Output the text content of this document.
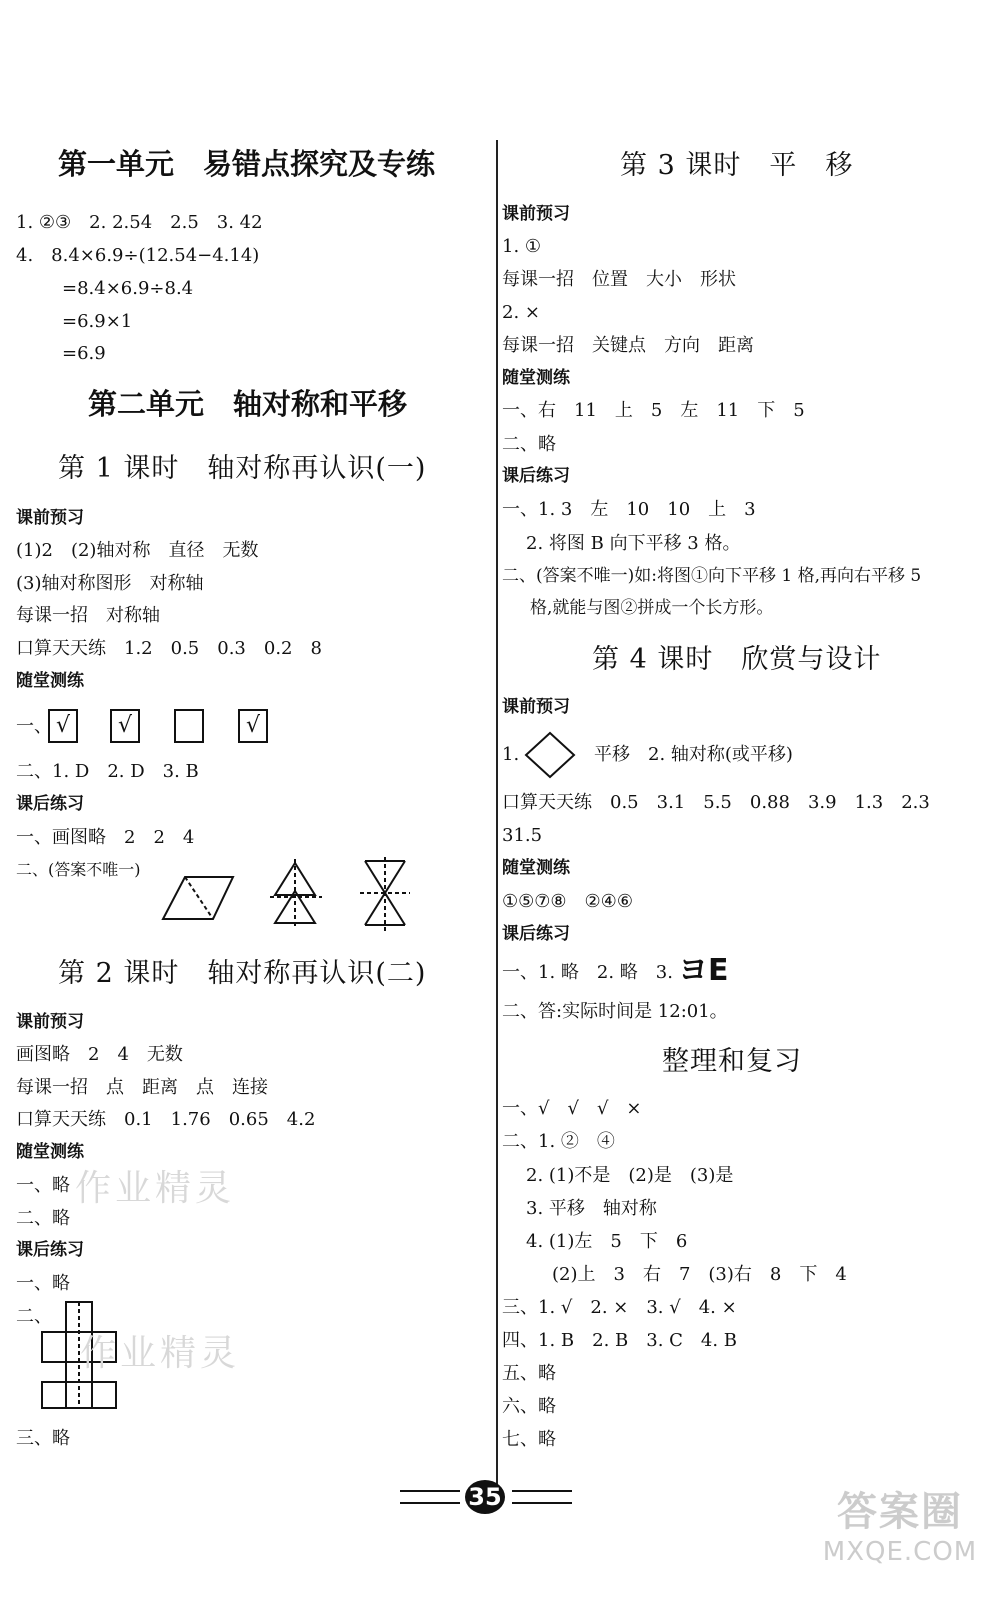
第一单元　易错点探究及专练
1. ②③　2. 2.54　2.5　3. 42
4.　8.4×6.9÷(12.54−4.14)
=8.4×6.9÷8.4
=6.9×1
=6.9
第二单元　轴对称和平移
第 1 课时　轴对称再认识(一)
课前预习
(1)2　(2)轴对称　直径　无数
(3)轴对称图形　对称轴
每课一招　对称轴
口算天天练　1.2　0.5　0.3　0.2　8
随堂测练
一、 √	√	√
二、1. D　2. D　3. B
课后练习
一、画图略　2　2　4
二、(答案不唯一)
第 2 课时　轴对称再认识(二)
课前预习
画图略　2　4　无数
每课一招　点　距离　点　连接
口算天天练　0.1　1.76　0.65　4.2
随堂测练
一、略
二、略
课后练习
一、略
二、
三、略
作业精灵
作业精灵
第 3 课时　平　移
课前预习
1. ①
每课一招　位置　大小　形状
2. ×
每课一招　关键点　方向　距离
随堂测练
一、右　11　上　5　左　11　下　5
二、略
课后练习
一、1. 3　左　10　10　上　3
2. 将图 B 向下平移 3 格。
二、(答案不唯一)如:将图①向下平移 1 格,再向右平移 5
格,就能与图②拼成一个长方形。
第 4 课时　欣赏与设计
课前预习
1.	平移　2. 轴对称(或平移)
口算天天练　0.5　3.1　5.5　0.88　3.9　1.3　2.3
31.5
随堂测练
①⑤⑦⑧　②④⑥
课后练习
一、1. 略　2. 略　3. ヨE
二、答:实际时间是 12:01。
整理和复习
一、√　√　√　×
二、1. ②　④
2. (1)不是　(2)是　(3)是
3. 平移　轴对称
4. (1)左　5　下　6
(2)上　3　右　7　(3)右　8　下　4
三、1. √　2. ×　3. √　4. ×
四、1. B　2. B　3. C　4. B
五、略
六、略
七、略
35	答案圈
MXQE.COM
